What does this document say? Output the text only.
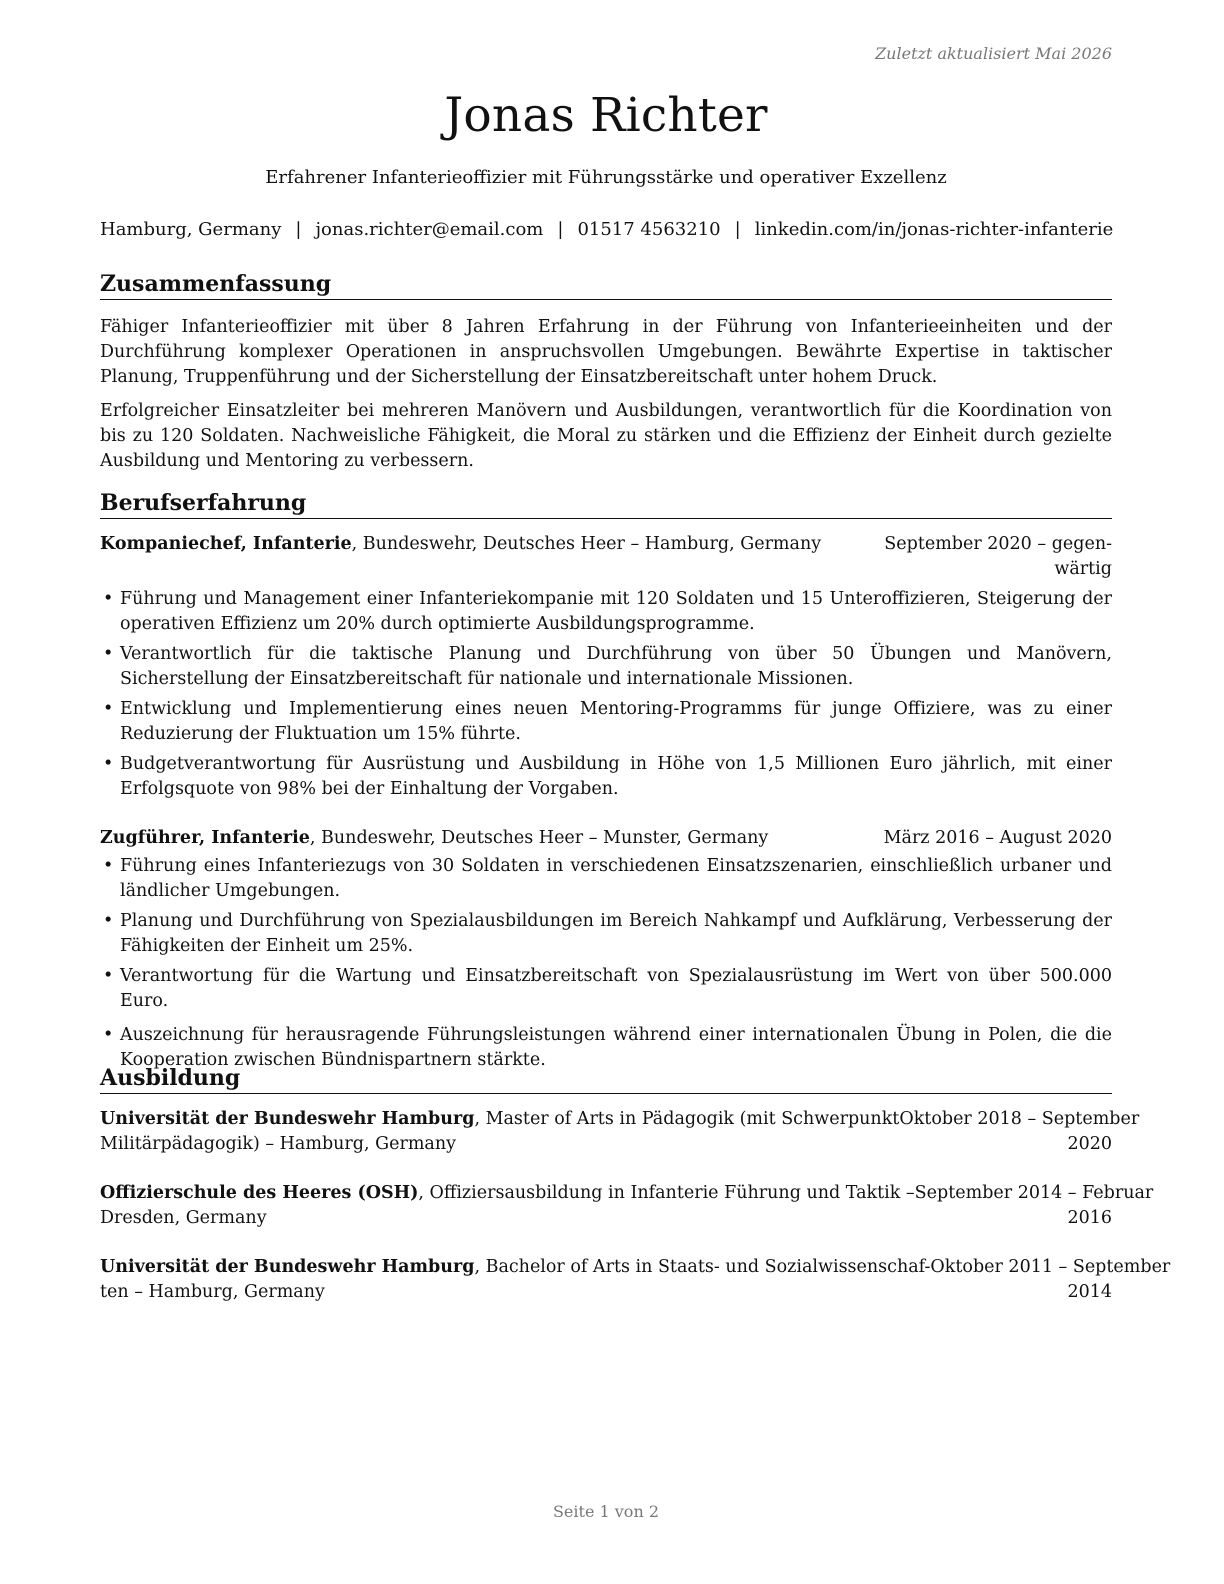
Zuletzt aktualisiert Mai 2026
Jonas Richter
Erfahrener Infanterieoffizier mit Führungsstärke und operativer Exzellenz
Hamburg, Germany | jonas.richter@email.com | 01517 4563210 | linkedin.com/in/jonas-richter-infanterie
Zusammenfassung

Fähiger Infanterieoffizier mit über 8 Jahren Erfahrung in der Führung von Infanterieeinheiten und der Durchführung komplexer Operationen in anspruchsvollen Umgebungen. Bewährte Expertise in taktischer Planung, Truppenführung und der Sicherstellung der Einsatzbereitschaft unter hohem Druck.

Erfolgreicher Einsatzleiter bei mehreren Manövern und Ausbildungen, verantwortlich für die Koordination von bis zu 120 Soldaten. Nachweisliche Fähigkeit, die Moral zu stärken und die Effizienz der Einheit durch gezielte Ausbildung und Mentoring zu verbessern.

Berufserfahrung
Kompaniechef, Infanterie, Bundeswehr, Deutsches Heer – Hamburg, Germany	September 2020 – gegen-
wärtig
• Führung und Management einer Infanteriekompanie mit 120 Soldaten und 15 Unteroffizieren, Steigerung der operativen Effizienz um 20% durch optimierte Ausbildungsprogramme.
• Verantwortlich für die taktische Planung und Durchführung von über 50 Übungen und Manövern, Sicherstellung der Einsatzbereitschaft für nationale und internationale Missionen.
• Entwicklung und Implementierung eines neuen Mentoring-Programms für junge Offiziere, was zu einer Reduzierung der Fluktuation um 15% führte.
• Budgetverantwortung für Ausrüstung und Ausbildung in Höhe von 1,5 Millionen Euro jährlich, mit einer Erfolgsquote von 98% bei der Einhaltung der Vorgaben.
Zugführer, Infanterie, Bundeswehr, Deutsches Heer – Munster, Germany	März 2016 – August 2020
• Führung eines Infanteriezugs von 30 Soldaten in verschiedenen Einsatzszenarien, einschließlich urbaner und ländlicher Umgebungen.
• Planung und Durchführung von Spezialausbildungen im Bereich Nahkampf und Aufklärung, Verbesserung der Fähigkeiten der Einheit um 25%.
• Verantwortung für die Wartung und Einsatzbereitschaft von Spezialausrüstung im Wert von über 500.000 Euro.
• Auszeichnung für herausragende Führungsleistungen während einer internationalen Übung in Polen, die die Kooperation zwischen Bündnispartnern stärkte.
Ausbildung
Universität der Bundeswehr Hamburg, Master of Arts in Pädagogik (mit Schwerpunkt Oktober 2018 – September
Militärpädagogik) – Hamburg, Germany	2020
Offizierschule des Heeres (OSH), Offiziersausbildung in Infanterie Führung und Taktik – September 2014 – Februar
Dresden, Germany	2016
Universität der Bundeswehr Hamburg, Bachelor of Arts in Staats- und Sozialwissenschaf- Oktober 2011 – September
ten – Hamburg, Germany	2014
Seite 1 von 2
